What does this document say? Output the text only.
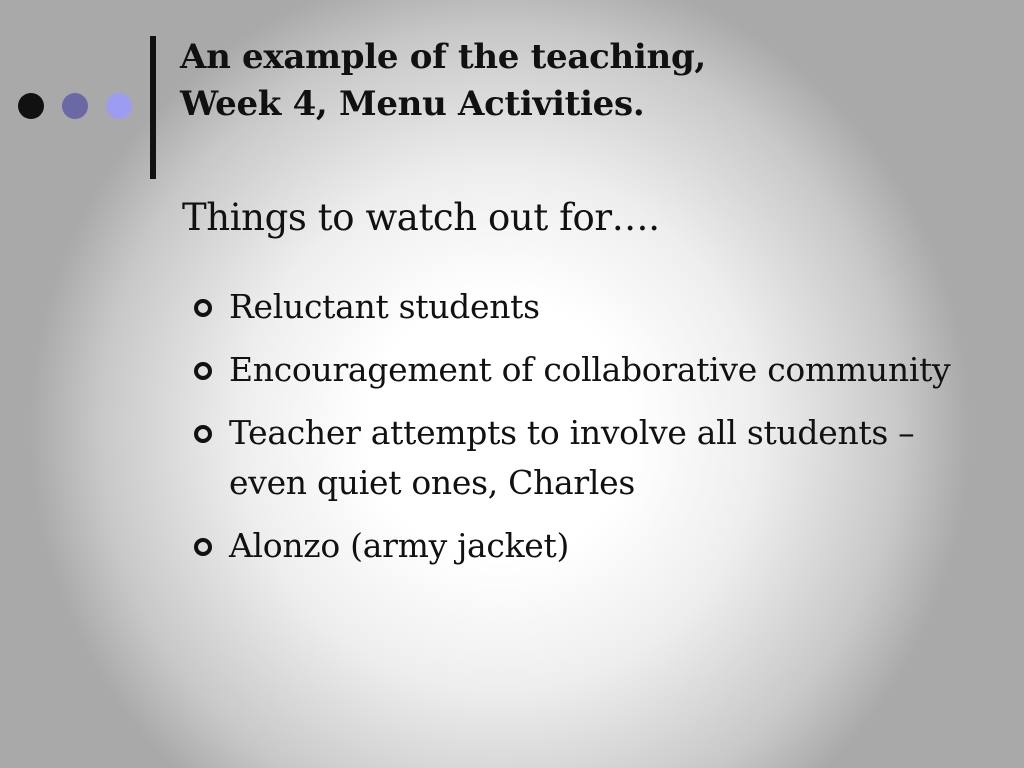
An example of the teaching,
Week 4, Menu Activities.
Things to watch out for….
Reluctant students
Encouragement of collaborative community
Teacher attempts to involve all students – even quiet ones, Charles
Alonzo (army jacket)
